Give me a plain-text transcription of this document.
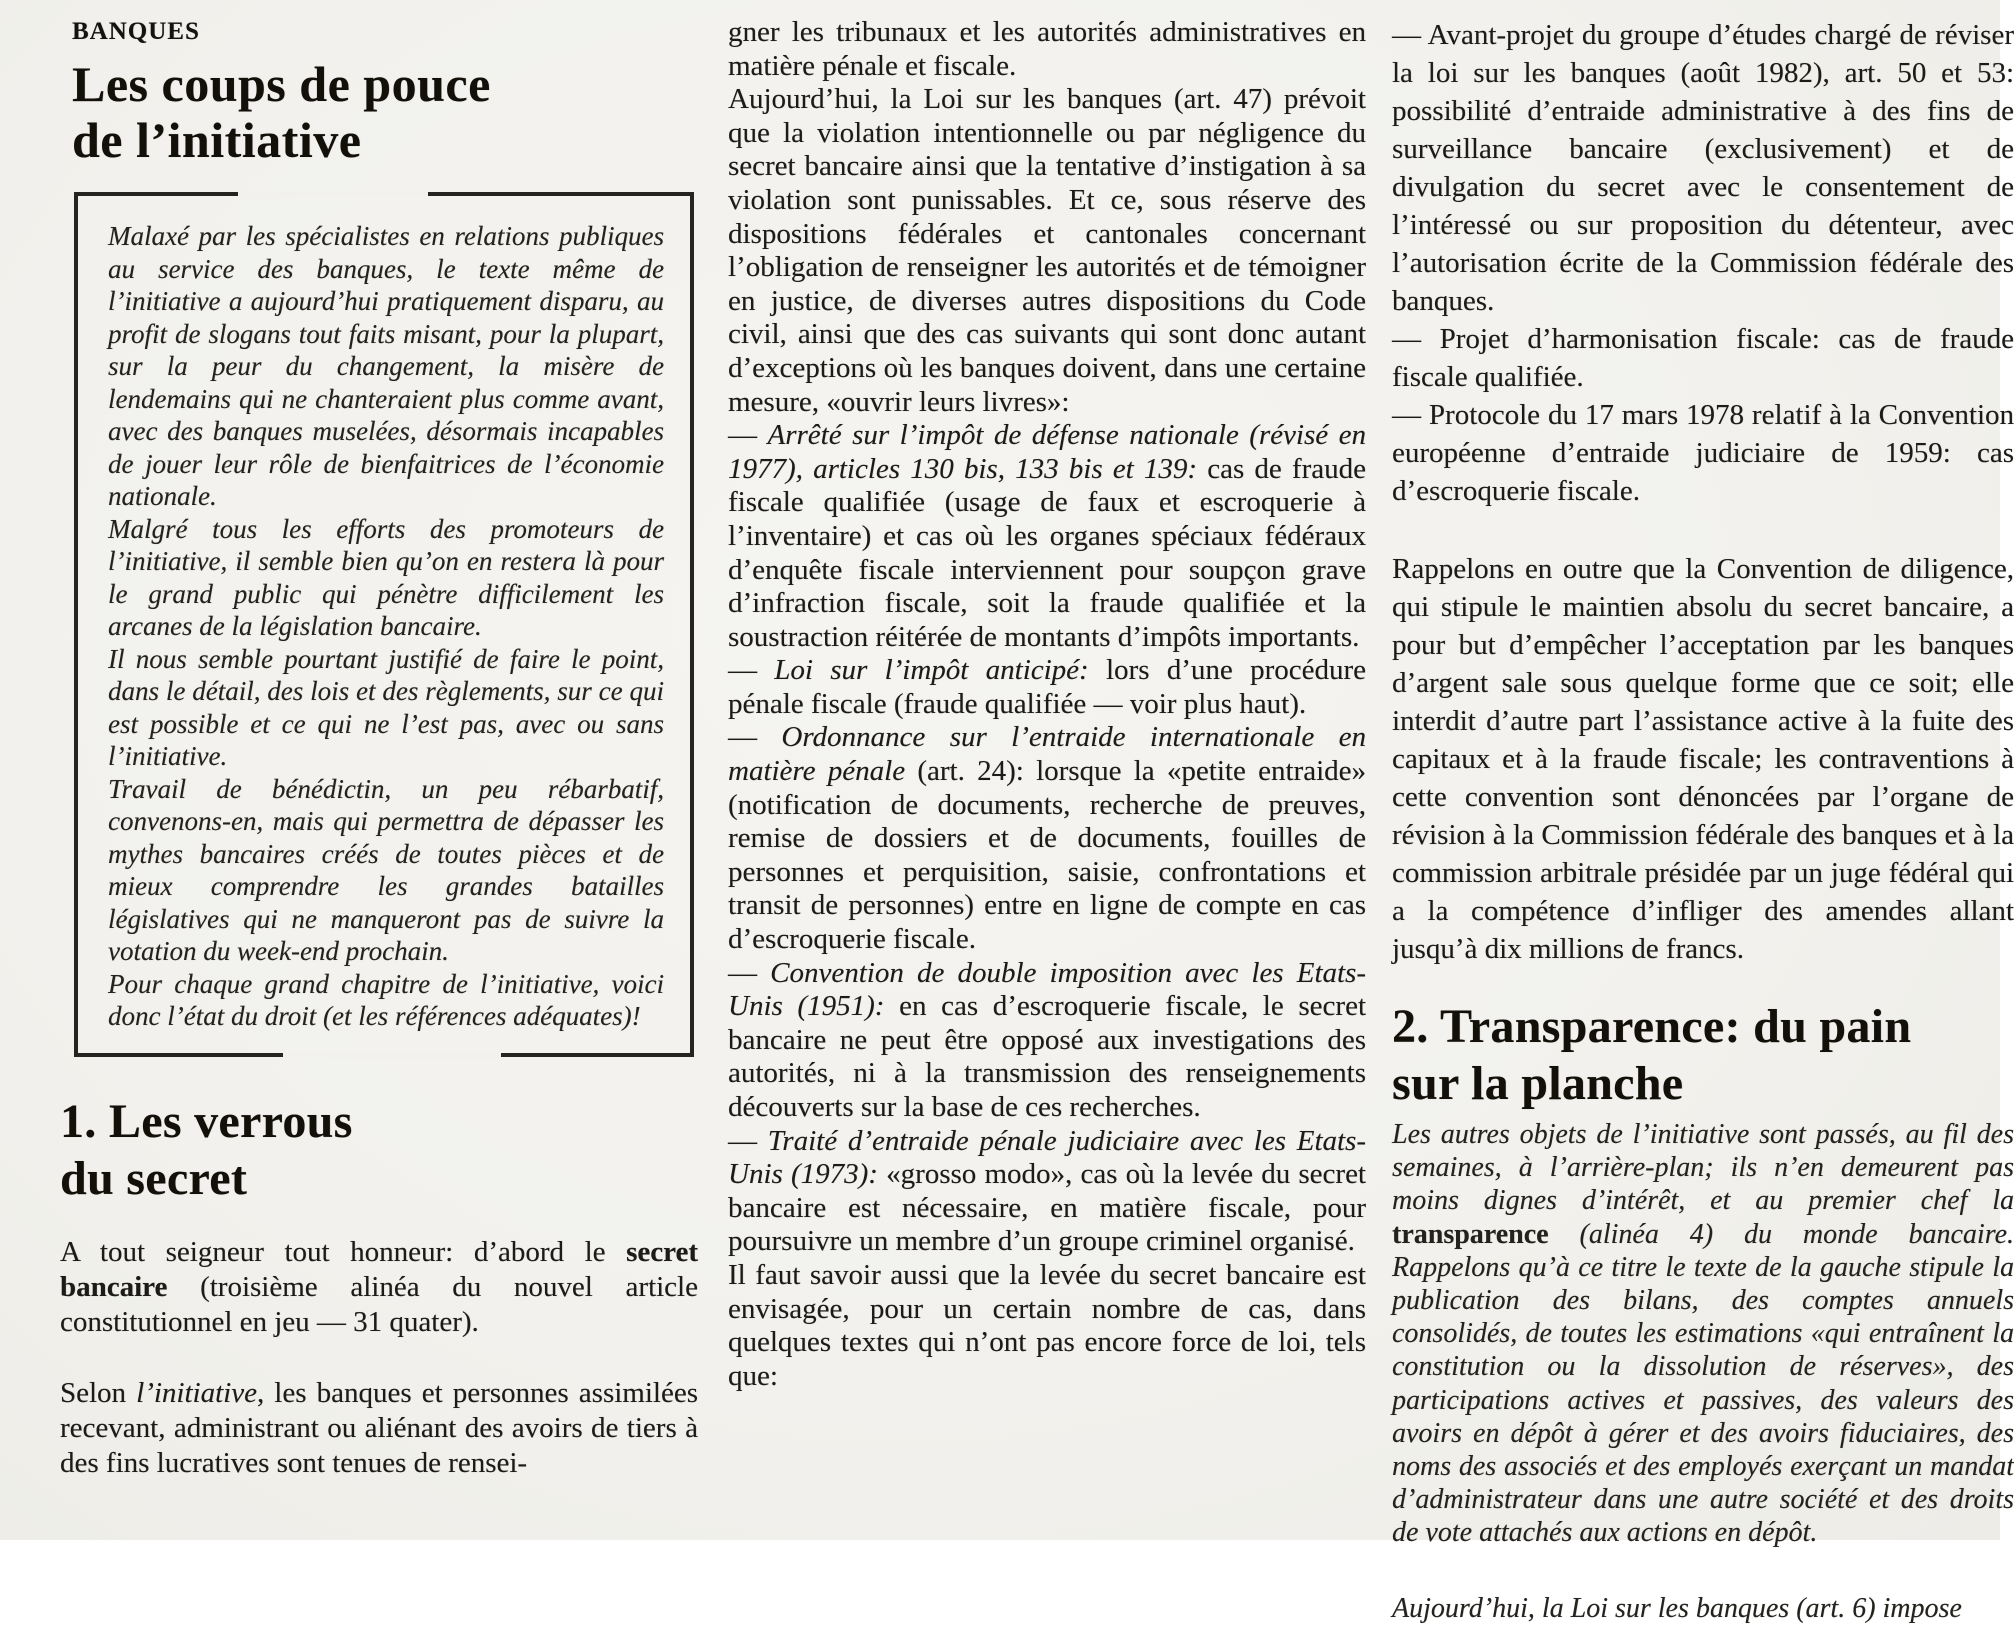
BANQUES
Les coups de pouce
de l’initiative

Malaxé par les spécialistes en relations publiques au service des banques, le texte même de l’initiative a aujourd’hui pratiquement disparu, au profit de slogans tout faits misant, pour la plupart, sur la peur du changement, la misère de lendemains qui ne chanteraient plus comme avant, avec des banques muselées, désormais incapables de jouer leur rôle de bienfaitrices de l’économie nationale.

Malgré tous les efforts des promoteurs de l’initiative, il semble bien qu’on en restera là pour le grand public qui pénètre difficilement les arcanes de la législation bancaire.

Il nous semble pourtant justifié de faire le point, dans le détail, des lois et des règlements, sur ce qui est possible et ce qui ne l’est pas, avec ou sans l’initiative.

Travail de bénédictin, un peu rébarbatif, convenons-en, mais qui permettra de dépasser les mythes bancaires créés de toutes pièces et de mieux comprendre les grandes batailles législatives qui ne manqueront pas de suivre la votation du week-end prochain.

Pour chaque grand chapitre de l’initiative, voici donc l’état du droit (et les références adéquates)!

1. Les verrous
du secret

A tout seigneur tout honneur: d’abord le secret bancaire (troisième alinéa du nouvel article constitutionnel en jeu — 31 quater).

Selon l’initiative, les banques et personnes assimilées recevant, administrant ou aliénant des avoirs de tiers à des fins lucratives sont tenues de rensei-

gner les tribunaux et les autorités administratives en matière pénale et fiscale.

Aujourd’hui, la Loi sur les banques (art. 47) prévoit que la violation intentionnelle ou par négligence du secret bancaire ainsi que la tentative d’instigation à sa violation sont punissables. Et ce, sous réserve des dispositions fédérales et cantonales concernant l’obligation de renseigner les autorités et de témoigner en justice, de diverses autres dispositions du Code civil, ainsi que des cas suivants qui sont donc autant d’exceptions où les banques doivent, dans une certaine mesure, «ouvrir leurs livres»:

— Arrêté sur l’impôt de défense nationale (révisé en 1977), articles 130 bis, 133 bis et 139: cas de fraude fiscale qualifiée (usage de faux et escroquerie à l’inventaire) et cas où les organes spéciaux fédéraux d’enquête fiscale interviennent pour soupçon grave d’infraction fiscale, soit la fraude qualifiée et la soustraction réitérée de montants d’impôts importants.

— Loi sur l’impôt anticipé: lors d’une procédure pénale fiscale (fraude qualifiée — voir plus haut).

— Ordonnance sur l’entraide internationale en matière pénale (art. 24): lorsque la «petite entraide» (notification de documents, recherche de preuves, remise de dossiers et de documents, fouilles de personnes et perquisition, saisie, confrontations et transit de personnes) entre en ligne de compte en cas d’escroquerie fiscale.

— Convention de double imposition avec les Etats-Unis (1951): en cas d’escroquerie fiscale, le secret bancaire ne peut être opposé aux investigations des autorités, ni à la transmission des renseignements découverts sur la base de ces recherches.

— Traité d’entraide pénale judiciaire avec les Etats-Unis (1973): «grosso modo», cas où la levée du secret bancaire est nécessaire, en matière fiscale, pour poursuivre un membre d’un groupe criminel organisé.

Il faut savoir aussi que la levée du secret bancaire est envisagée, pour un certain nombre de cas, dans quelques textes qui n’ont pas encore force de loi, tels que:

— Avant-projet du groupe d’études chargé de réviser la loi sur les banques (août 1982), art. 50 et 53: possibilité d’entraide administrative à des fins de surveillance bancaire (exclusivement) et de divulgation du secret avec le consentement de l’intéressé ou sur proposition du détenteur, avec l’autorisation écrite de la Commission fédérale des banques.

— Projet d’harmonisation fiscale: cas de fraude fiscale qualifiée.

— Protocole du 17 mars 1978 relatif à la Convention européenne d’entraide judiciaire de 1959: cas d’escroquerie fiscale.

Rappelons en outre que la Convention de diligence, qui stipule le maintien absolu du secret bancaire, a pour but d’empêcher l’acceptation par les banques d’argent sale sous quelque forme que ce soit; elle interdit d’autre part l’assistance active à la fuite des capitaux et à la fraude fiscale; les contraventions à cette convention sont dénoncées par l’organe de révision à la Commission fédérale des banques et à la commission arbitrale présidée par un juge fédéral qui a la compétence d’infliger des amendes allant jusqu’à dix millions de francs.

2. Transparence: du pain
sur la planche

Les autres objets de l’initiative sont passés, au fil des semaines, à l’arrière-plan; ils n’en demeurent pas moins dignes d’intérêt, et au premier chef la transparence (alinéa 4) du monde bancaire. Rappelons qu’à ce titre le texte de la gauche stipule la publication des bilans, des comptes annuels consolidés, de toutes les estimations «qui entraînent la constitution ou la dissolution de réserves», des participations actives et passives, des valeurs des avoirs en dépôt à gérer et des avoirs fiduciaires, des noms des associés et des employés exerçant un mandat d’administrateur dans une autre société et des droits de vote attachés aux actions en dépôt.

Aujourd’hui, la Loi sur les banques (art. 6) impose
